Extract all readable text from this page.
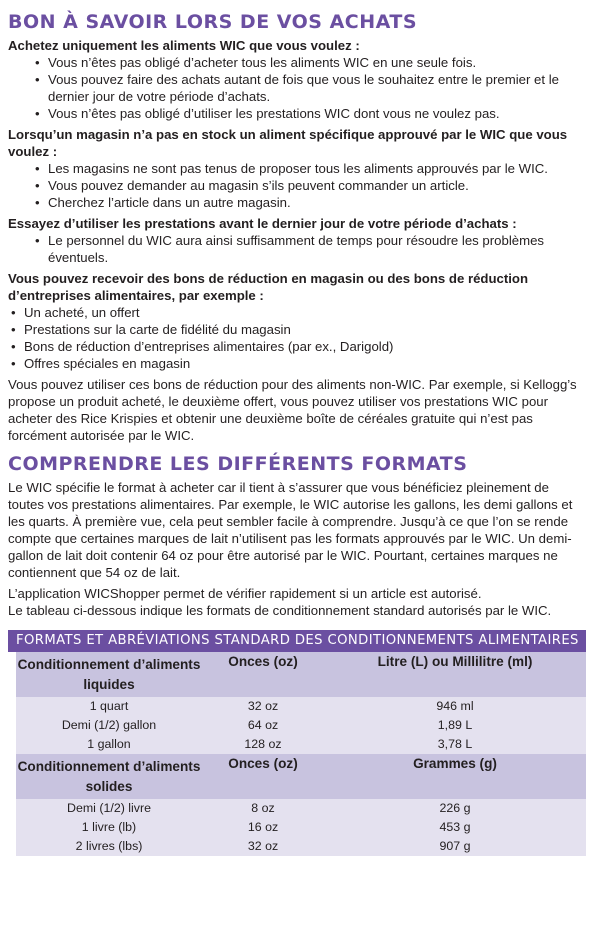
BON À SAVOIR LORS DE VOS ACHATS

Achetez uniquement les aliments WIC que vous voulez :

• Vous n’êtes pas obligé d’acheter tous les aliments WIC en une seule fois.
• Vous pouvez faire des achats autant de fois que vous le souhaitez entre le premier et le dernier jour de votre période d’achats.
• Vous n’êtes pas obligé d’utiliser les prestations WIC dont vous ne voulez pas.

Lorsqu’un magasin n’a pas en stock un aliment spécifique approuvé par le WIC que vous voulez :

• Les magasins ne sont pas tenus de proposer tous les aliments approuvés par le WIC.
• Vous pouvez demander au magasin s’ils peuvent commander un article.
• Cherchez l’article dans un autre magasin.

Essayez d’utiliser les prestations avant le dernier jour de votre période d’achats :

• Le personnel du WIC aura ainsi suffisamment de temps pour résoudre les problèmes éventuels.

Vous pouvez recevoir des bons de réduction en magasin ou des bons de réduction d’entreprises alimentaires, par exemple :

• Un acheté, un offert
• Prestations sur la carte de fidélité du magasin
• Bons de réduction d’entreprises alimentaires (par ex., Darigold)
• Offres spéciales en magasin

Vous pouvez utiliser ces bons de réduction pour des aliments non-WIC. Par exemple, si Kellogg’s propose un produit acheté, le deuxième offert, vous pouvez utiliser vos prestations WIC pour acheter des Rice Krispies et obtenir une deuxième boîte de céréales gratuite qui n’est pas forcément autorisée par le WIC.

COMPRENDRE LES DIFFÉRENTS FORMATS

Le WIC spécifie le format à acheter car il tient à s’assurer que vous bénéficiez pleinement de toutes vos prestations alimentaires. Par exemple, le WIC autorise les gallons, les demi gallons et les quarts. À première vue, cela peut sembler facile à comprendre. Jusqu’à ce que l’on se rende compte que certaines marques de lait n’utilisent pas les formats approuvés par le WIC. Un demi-gallon de lait doit contenir 64 oz pour être autorisé par le WIC. Pourtant, certaines marques ne contiennent que 54 oz de lait.

L’application WICShopper permet de vérifier rapidement si un article est autorisé.

Le tableau ci-dessous indique les formats de conditionnement standard autorisés par le WIC.

FORMATS ET ABRÉVIATIONS STANDARD DES CONDITIONNEMENTS ALIMENTAIRES
Conditionnement d’aliments liquides	Onces (oz)	Litre (L) ou Millilitre (ml)
1 quart	32 oz	946 ml
Demi (1/2) gallon	64 oz	1,89 L
1 gallon	128 oz	3,78 L
Conditionnement d’aliments solides	Onces (oz)	Grammes (g)
Demi (1/2) livre	8 oz	226 g
1 livre (lb)	16 oz	453 g
2 livres (lbs)	32 oz	907 g
